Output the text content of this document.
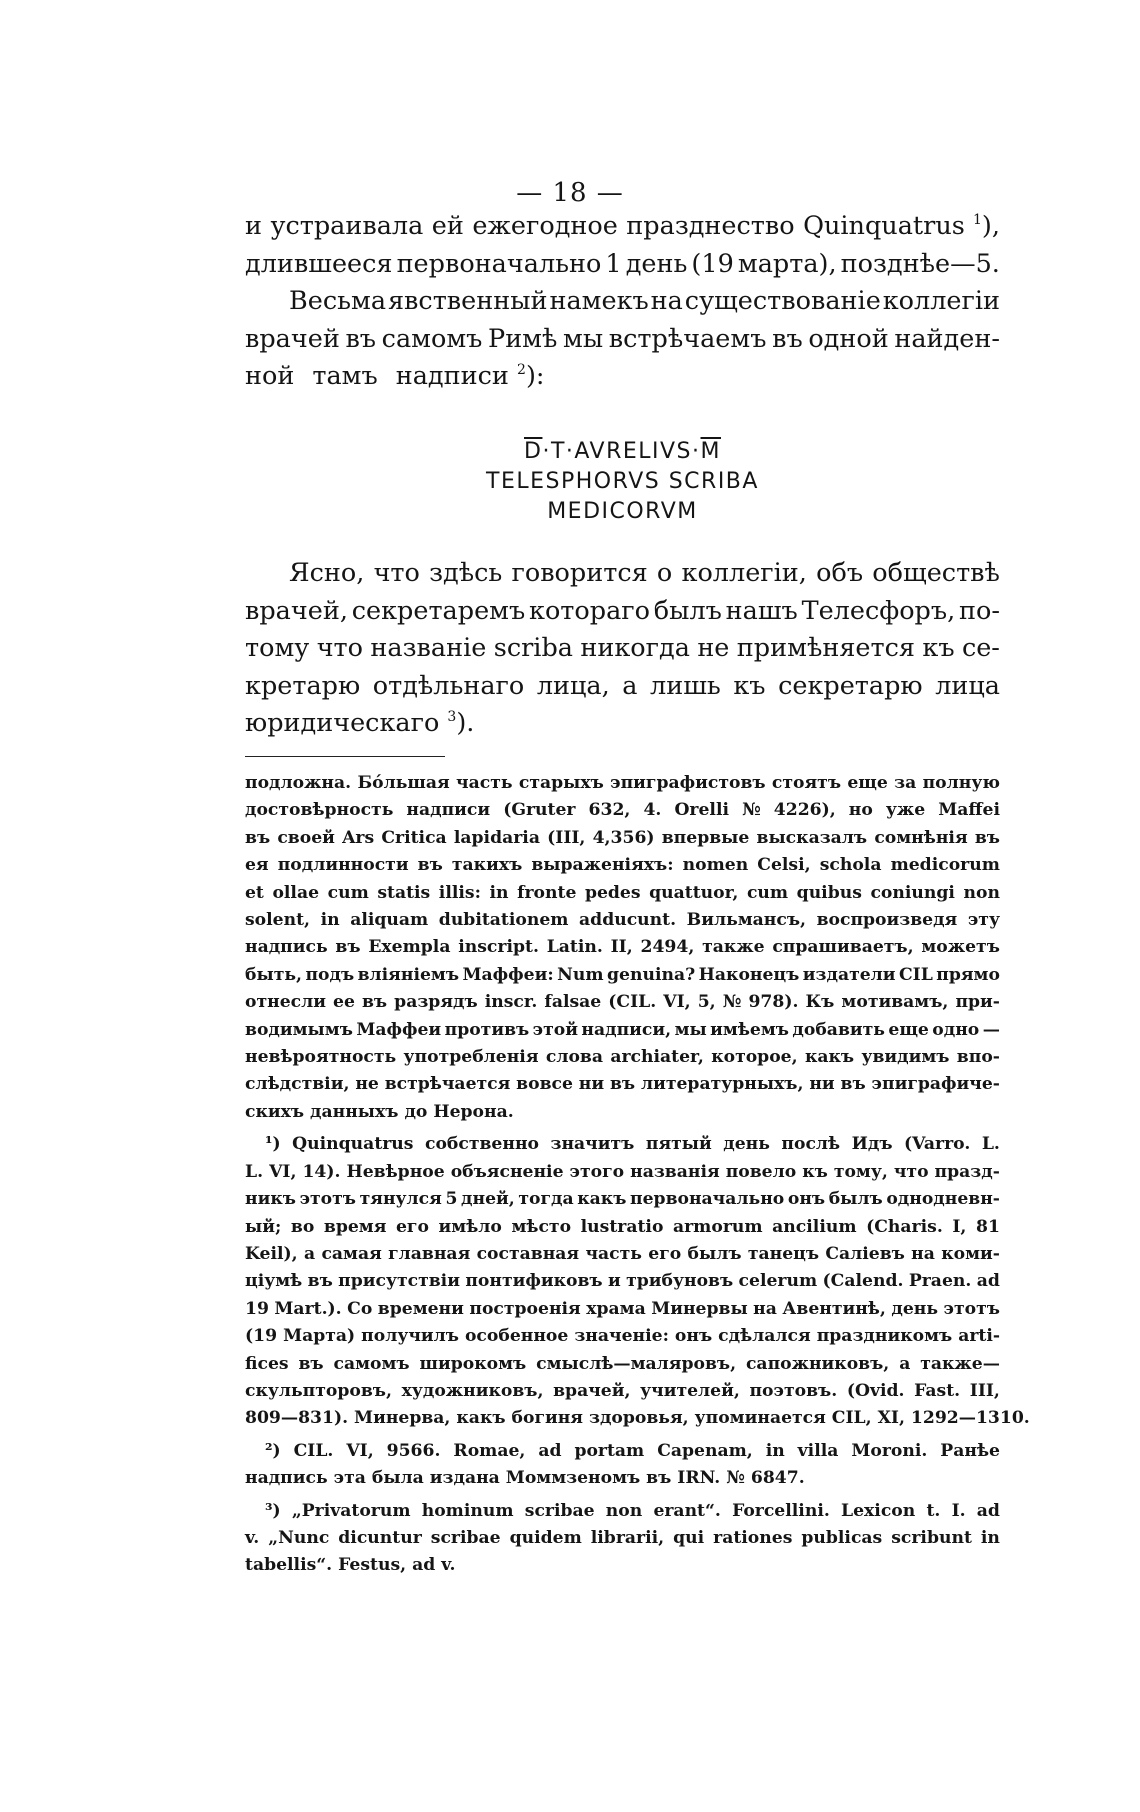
— 18 —
и устраивала ей ежегодное празднество Quinquatrus $^1$),
длившееся первоначально 1 день (19 марта), позднѣе—5.
Весьма явственный намекъ на существованіе коллегіи
врачей въ самомъ Римѣ мы встрѣчаемъ въ одной найден-
ной тамъ надписи $^2$):
$\overline{D}\cdot T\cdot AVRELIVS\cdot\overline{M}$
TELESPHORVS SCRIBA
MEDICORVM
Ясно, что здѣсь говорится о коллегіи, объ обществѣ
врачей, секретаремъ котораго былъ нашъ Телесфоръ, по-
тому что названіе scriba никогда не примѣняется къ се-
кретарю отдѣльнаго лица, а лишь къ секретарю лица
юридическаго $^3$).
подложна. Бóльшая часть старыхъ эпиграфистовъ стоятъ еще за полную
достовѣрность надписи (Gruter 632, 4. Orelli № 4226), но уже Maffei
въ своей Ars Critica lapidaria (III, 4,356) впервые высказалъ сомнѣнія въ
ея подлинности въ такихъ выраженіяхъ: nomen Celsi, schola medicorum
et ollae cum statis illis: in fronte pedes quattuor, cum quibus coniungi non
solent, in aliquam dubitationem adducunt. Вильмансъ, воспроизведя эту
надпись въ Exempla inscript. Latin. II, 2494, также спрашиваетъ, можетъ
быть, подъ вліяніемъ Маффеи: Num genuina? Наконецъ издатели CIL прямо
отнесли ее въ разрядъ inscr. falsae (CIL. VI, 5, № 978). Къ мотивамъ, при-
водимымъ Маффеи противъ этой надписи, мы имѣемъ добавить еще одно —
невѣроятность употребленія слова archiater, которое, какъ увидимъ впо-
слѣдствіи, не встрѣчается вовсе ни въ литературныхъ, ни въ эпиграфиче-
скихъ данныхъ до Нерона.
¹) Quinquatrus собственно значитъ пятый день послѣ Идъ (Varro. L.
L. VI, 14). Невѣрное объясненіе этого названія повело къ тому, что празд-
никъ этотъ тянулся 5 дней, тогда какъ первоначально онъ былъ однодневн-
ый; во время его имѣло мѣсто lustratio armorum ancilium (Charis. I, 81
Keil), а самая главная составная часть его былъ танецъ Саліевъ на коми-
ціумѣ въ присутствіи понтификовъ и трибуновъ celerum (Calend. Praen. ad
19 Mart.). Со времени построенія храма Минервы на Авентинѣ, день этотъ
(19 Марта) получилъ особенное значеніе: онъ сдѣлался праздникомъ arti-
fices въ самомъ широкомъ смыслѣ—маляровъ, сапожниковъ, а также—
скульпторовъ, художниковъ, врачей, учителей, поэтовъ. (Ovid. Fast. III,
809—831). Минерва, какъ богиня здоровья, упоминается CIL, XI, 1292—1310.
²) CIL. VI, 9566. Romae, ad portam Capenam, in villa Moroni. Ранѣе
надпись эта была издана Моммзеномъ въ IRN. № 6847.
³) „Privatorum hominum scribae non erant“. Forcellini. Lexicon t. I. ad
v. „Nunc dicuntur scribae quidem librarii, qui rationes publicas scribunt in
tabellis“. Festus, ad v.
